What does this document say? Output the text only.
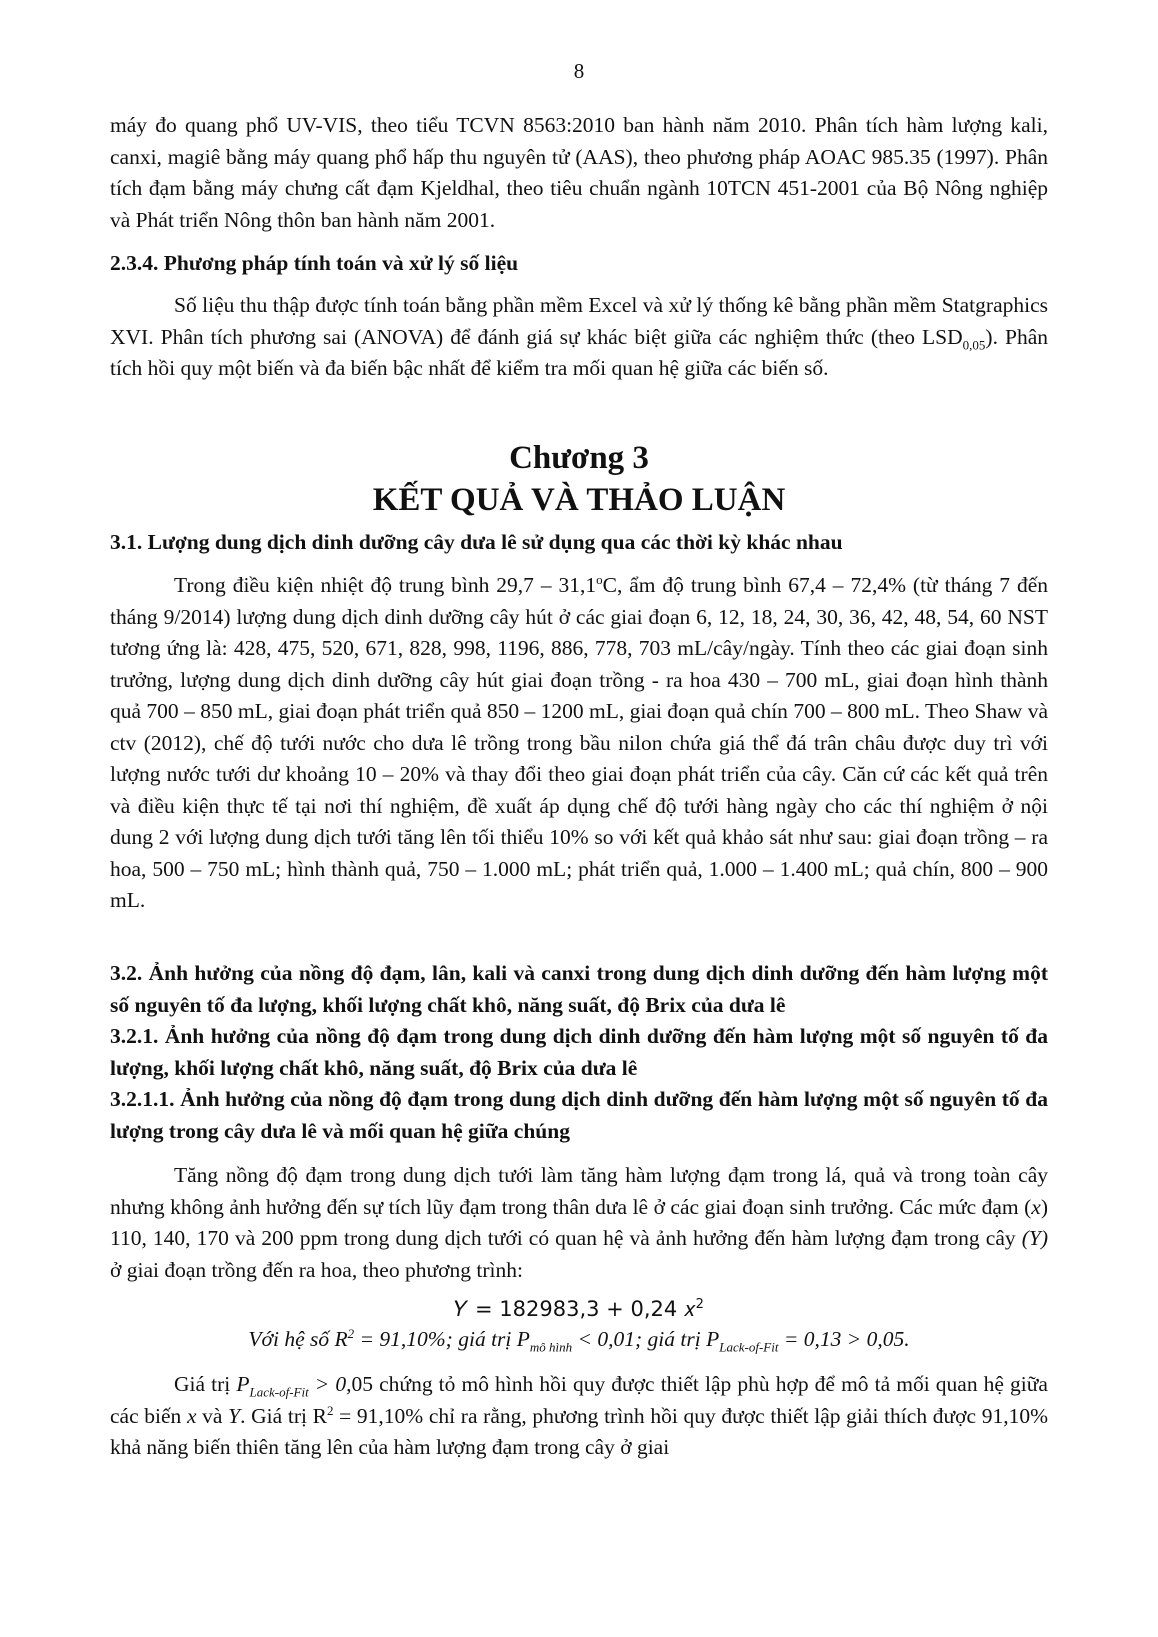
8

máy đo quang phổ UV-VIS, theo tiểu TCVN 8563:2010 ban hành năm 2010. Phân tích hàm lượng kali, canxi, magiê bằng máy quang phổ hấp thu nguyên tử (AAS), theo phương pháp AOAC 985.35 (1997). Phân tích đạm bằng máy chưng cất đạm Kjeldhal, theo tiêu chuẩn ngành 10TCN 451-2001 của Bộ Nông nghiệp và Phát triển Nông thôn ban hành năm 2001.

2.3.4. Phương pháp tính toán và xử lý số liệu

Số liệu thu thập được tính toán bằng phần mềm Excel và xử lý thống kê bằng phần mềm Statgraphics XVI. Phân tích phương sai (ANOVA) để đánh giá sự khác biệt giữa các nghiệm thức (theo $LSD_{0,05}$). Phân tích hồi quy một biến và đa biến bậc nhất để kiểm tra mối quan hệ giữa các biến số.

Chương 3
KẾT QUẢ VÀ THẢO LUẬN

3.1. Lượng dung dịch dinh dưỡng cây dưa lê sử dụng qua các thời kỳ khác nhau

Trong điều kiện nhiệt độ trung bình 29,7 – 31,1$^o$C, ẩm độ trung bình 67,4 – 72,4% (từ tháng 7 đến tháng 9/2014) lượng dung dịch dinh dưỡng cây hút ở các giai đoạn 6, 12, 18, 24, 30, 36, 42, 48, 54, 60 NST tương ứng là: 428, 475, 520, 671, 828, 998, 1196, 886, 778, 703 mL/cây/ngày. Tính theo các giai đoạn sinh trưởng, lượng dung dịch dinh dưỡng cây hút giai đoạn trồng - ra hoa 430 – 700 mL, giai đoạn hình thành quả 700 – 850 mL, giai đoạn phát triển quả 850 – 1200 mL, giai đoạn quả chín 700 – 800 mL. Theo Shaw và ctv (2012), chế độ tưới nước cho dưa lê trồng trong bầu nilon chứa giá thể đá trân châu được duy trì với lượng nước tưới dư khoảng 10 – 20% và thay đổi theo giai đoạn phát triển của cây. Căn cứ các kết quả trên và điều kiện thực tế tại nơi thí nghiệm, đề xuất áp dụng chế độ tưới hàng ngày cho các thí nghiệm ở nội dung 2 với lượng dung dịch tưới tăng lên tối thiểu 10% so với kết quả khảo sát như sau: giai đoạn trồng – ra hoa, 500 – 750 mL; hình thành quả, 750 – 1.000 mL; phát triển quả, 1.000 – 1.400 mL; quả chín, 800 – 900 mL.

3.2. Ảnh hưởng của nồng độ đạm, lân, kali và canxi trong dung dịch dinh dưỡng đến hàm lượng một số nguyên tố đa lượng, khối lượng chất khô, năng suất, độ Brix của dưa lê

3.2.1. Ảnh hưởng của nồng độ đạm trong dung dịch dinh dưỡng đến hàm lượng một số nguyên tố đa lượng, khối lượng chất khô, năng suất, độ Brix của dưa lê

3.2.1.1. Ảnh hưởng của nồng độ đạm trong dung dịch dinh dưỡng đến hàm lượng một số nguyên tố đa lượng trong cây dưa lê và mối quan hệ giữa chúng

Tăng nồng độ đạm trong dung dịch tưới làm tăng hàm lượng đạm trong lá, quả và trong toàn cây nhưng không ảnh hưởng đến sự tích lũy đạm trong thân dưa lê ở các giai đoạn sinh trưởng. Các mức đạm (x) 110, 140, 170 và 200 ppm trong dung dịch tưới có quan hệ và ảnh hưởng đến hàm lượng đạm trong cây (Y) ở giai đoạn trồng đến ra hoa, theo phương trình:

𝑌 = 182983,3 + 0,24 𝑥$^2$

Với hệ số $R^2 = 91,10\%$; giá trị $P_{mô hình} < 0,01$; giá trị $P_{Lack-of-Fit} = 0,13 > 0,05$.

Giá trị $P_{Lack-of-Fit} > 0,05$ chứng tỏ mô hình hồi quy được thiết lập phù hợp để mô tả mối quan hệ giữa các biến x và Y. Giá trị $R^2 = 91,10\%$ chỉ ra rằng, phương trình hồi quy được thiết lập giải thích được 91,10% khả năng biến thiên tăng lên của hàm lượng đạm trong cây ở giai
